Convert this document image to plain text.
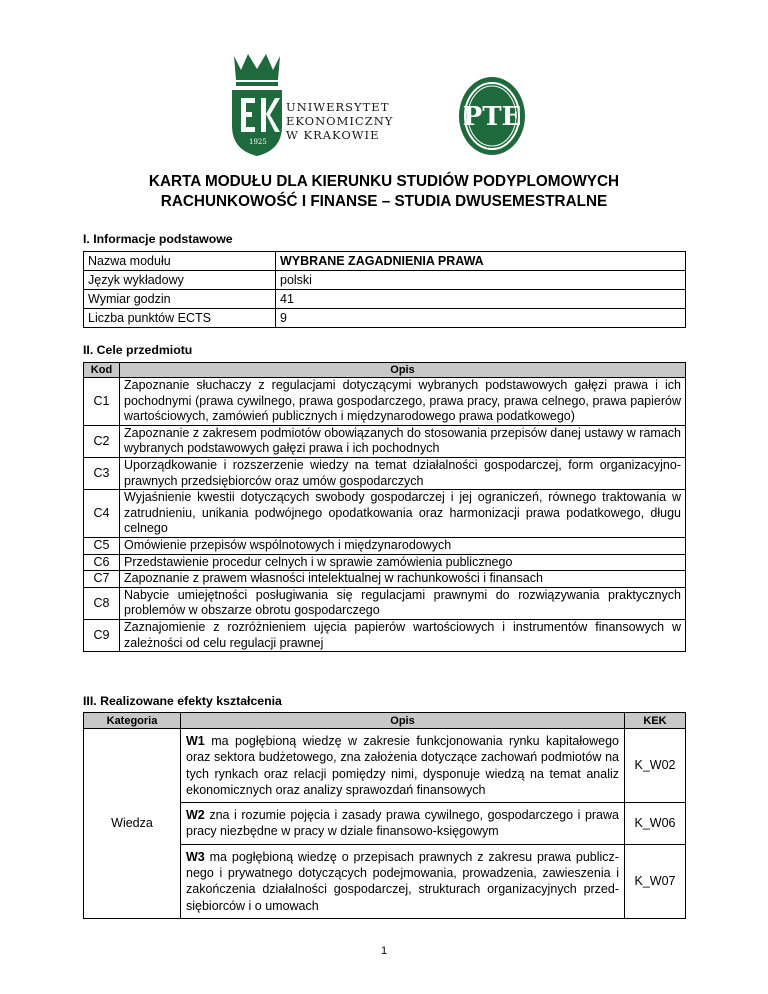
1925
UNIWERSYTET
EKONOMICZNY
W KRAKOWIE
PTE
KARTA MODUŁU DLA KIERUNKU STUDIÓW PODYPLOMOWYCH
RACHUNKOWOŚĆ I FINANSE – STUDIA DWUSEMESTRALNE
I. Informacje podstawowe
Nazwa modułu	WYBRANE ZAGADNIENIA PRAWA
Język wykładowy	polski
Wymiar godzin	41
Liczba punktów ECTS	9
II. Cele przedmiotu
Kod	Opis
C1	Zapoznanie słuchaczy z regulacjami dotyczącymi wybranych podstawowych gałęzi prawa i ich pochodnymi (prawa cywilnego, prawa gospodarczego, prawa pracy, prawa celnego, prawa papierów wartościowych, zamówień publicznych i międzynarodowego prawa podatkowego)
C2	Zapoznanie z zakresem podmiotów obowiązanych do stosowania przepisów danej ustawy w ramach wybranych podstawowych gałęzi prawa i ich pochodnych
C3	Uporządkowanie i rozszerzenie wiedzy na temat działalności gospodarczej, form organizacyjno-prawnych przedsiębiorców oraz umów gospodarczych
C4	Wyjaśnienie kwestii dotyczących swobody gospodarczej i jej ograniczeń, równego traktowania w zatrudnieniu, unikania podwójnego opodatkowania oraz harmonizacji prawa podatkowego, długu celnego
C5	Omówienie przepisów wspólnotowych i międzynarodowych
C6	Przedstawienie procedur celnych i w sprawie zamówienia publicznego
C7	Zapoznanie z prawem własności intelektualnej w rachunkowości i finansach
C8	Nabycie umiejętności posługiwania się regulacjami prawnymi do rozwiązywania praktycznych problemów w obszarze obrotu gospodarczego
C9	Zaznajomienie z rozróżnieniem ujęcia papierów wartościowych i instrumentów finansowych w zależności od celu regulacji prawnej
III. Realizowane efekty kształcenia
Kategoria	Opis	KEK
Wiedza	W1 ma pogłębioną wiedzę w zakresie funkcjonowania rynku kapitałowego oraz sektora budżetowego, zna założenia dotyczące zachowań podmiotów na tych rynkach oraz relacji pomiędzy nimi, dysponuje wiedzą na temat analiz ekonomicznych oraz analizy sprawozdań finansowych	K_W02
	W2 zna i rozumie pojęcia i zasady prawa cywilnego, gospodarczego i prawa pracy niezbędne w pracy w dziale finansowo-księgowym	K_W06
	W3 ma pogłębioną wiedzę o przepisach prawnych z zakresu prawa publicz-nego i prywatnego dotyczących podejmowania, prowadzenia, zawieszenia i zakończenia działalności gospodarczej, strukturach organizacyjnych przed-siębiorców i o umowach	K_W07
1
